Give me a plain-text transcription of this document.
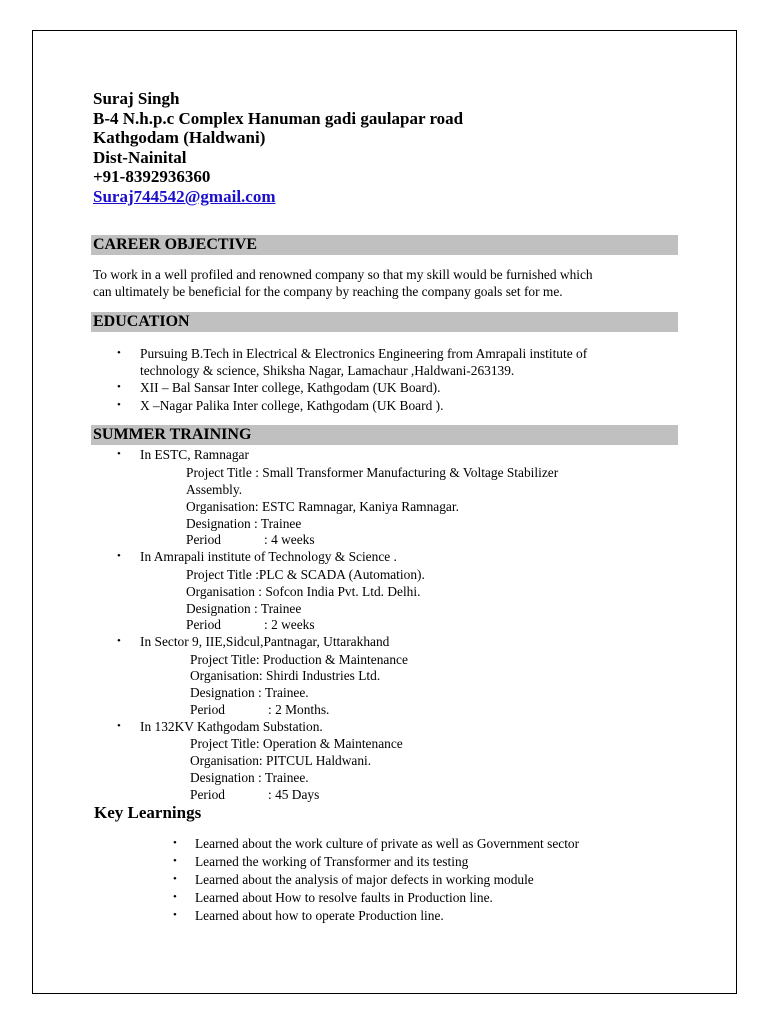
Suraj Singh
B-4 N.h.p.c Complex Hanuman gadi gaulapar road
Kathgodam (Haldwani)
Dist-Nainital
+91-8392936360
Suraj744542@gmail.com
CAREER OBJECTIVE
To work in a well profiled and renowned company so that my skill would be furnished which
can ultimately be beneficial for the company by reaching the company goals set for me.
EDUCATION
• Pursuing B.Tech in Electrical & Electronics Engineering from Amrapali institute of
technology & science, Shiksha Nagar, Lamachaur ,Haldwani-263139.
• XII – Bal Sansar Inter college, Kathgodam (UK Board).
• X –Nagar Palika Inter college, Kathgodam (UK Board ).
SUMMER TRAINING
• In ESTC, Ramnagar
Project Title : Small Transformer Manufacturing & Voltage Stabilizer
Assembly.
Organisation: ESTC Ramnagar, Kaniya Ramnagar.
Designation : Trainee
Period	: 4 weeks
• In Amrapali institute of Technology & Science .
Project Title :PLC & SCADA (Automation).
Organisation : Sofcon India Pvt. Ltd. Delhi.
Designation : Trainee
Period	: 2 weeks
• In Sector 9, IIE,Sidcul,Pantnagar, Uttarakhand
Project Title: Production & Maintenance
Organisation: Shirdi Industries Ltd.
Designation : Trainee.
Period	: 2 Months.
• In 132KV Kathgodam Substation.
Project Title: Operation & Maintenance
Organisation: PITCUL Haldwani.
Designation : Trainee.
Period	: 45 Days
Key Learnings
• Learned about the work culture of private as well as Government sector
• Learned the working of Transformer and its testing
• Learned about the analysis of major defects in working module
• Learned about How to resolve faults in Production line.
• Learned about how to operate Production line.
